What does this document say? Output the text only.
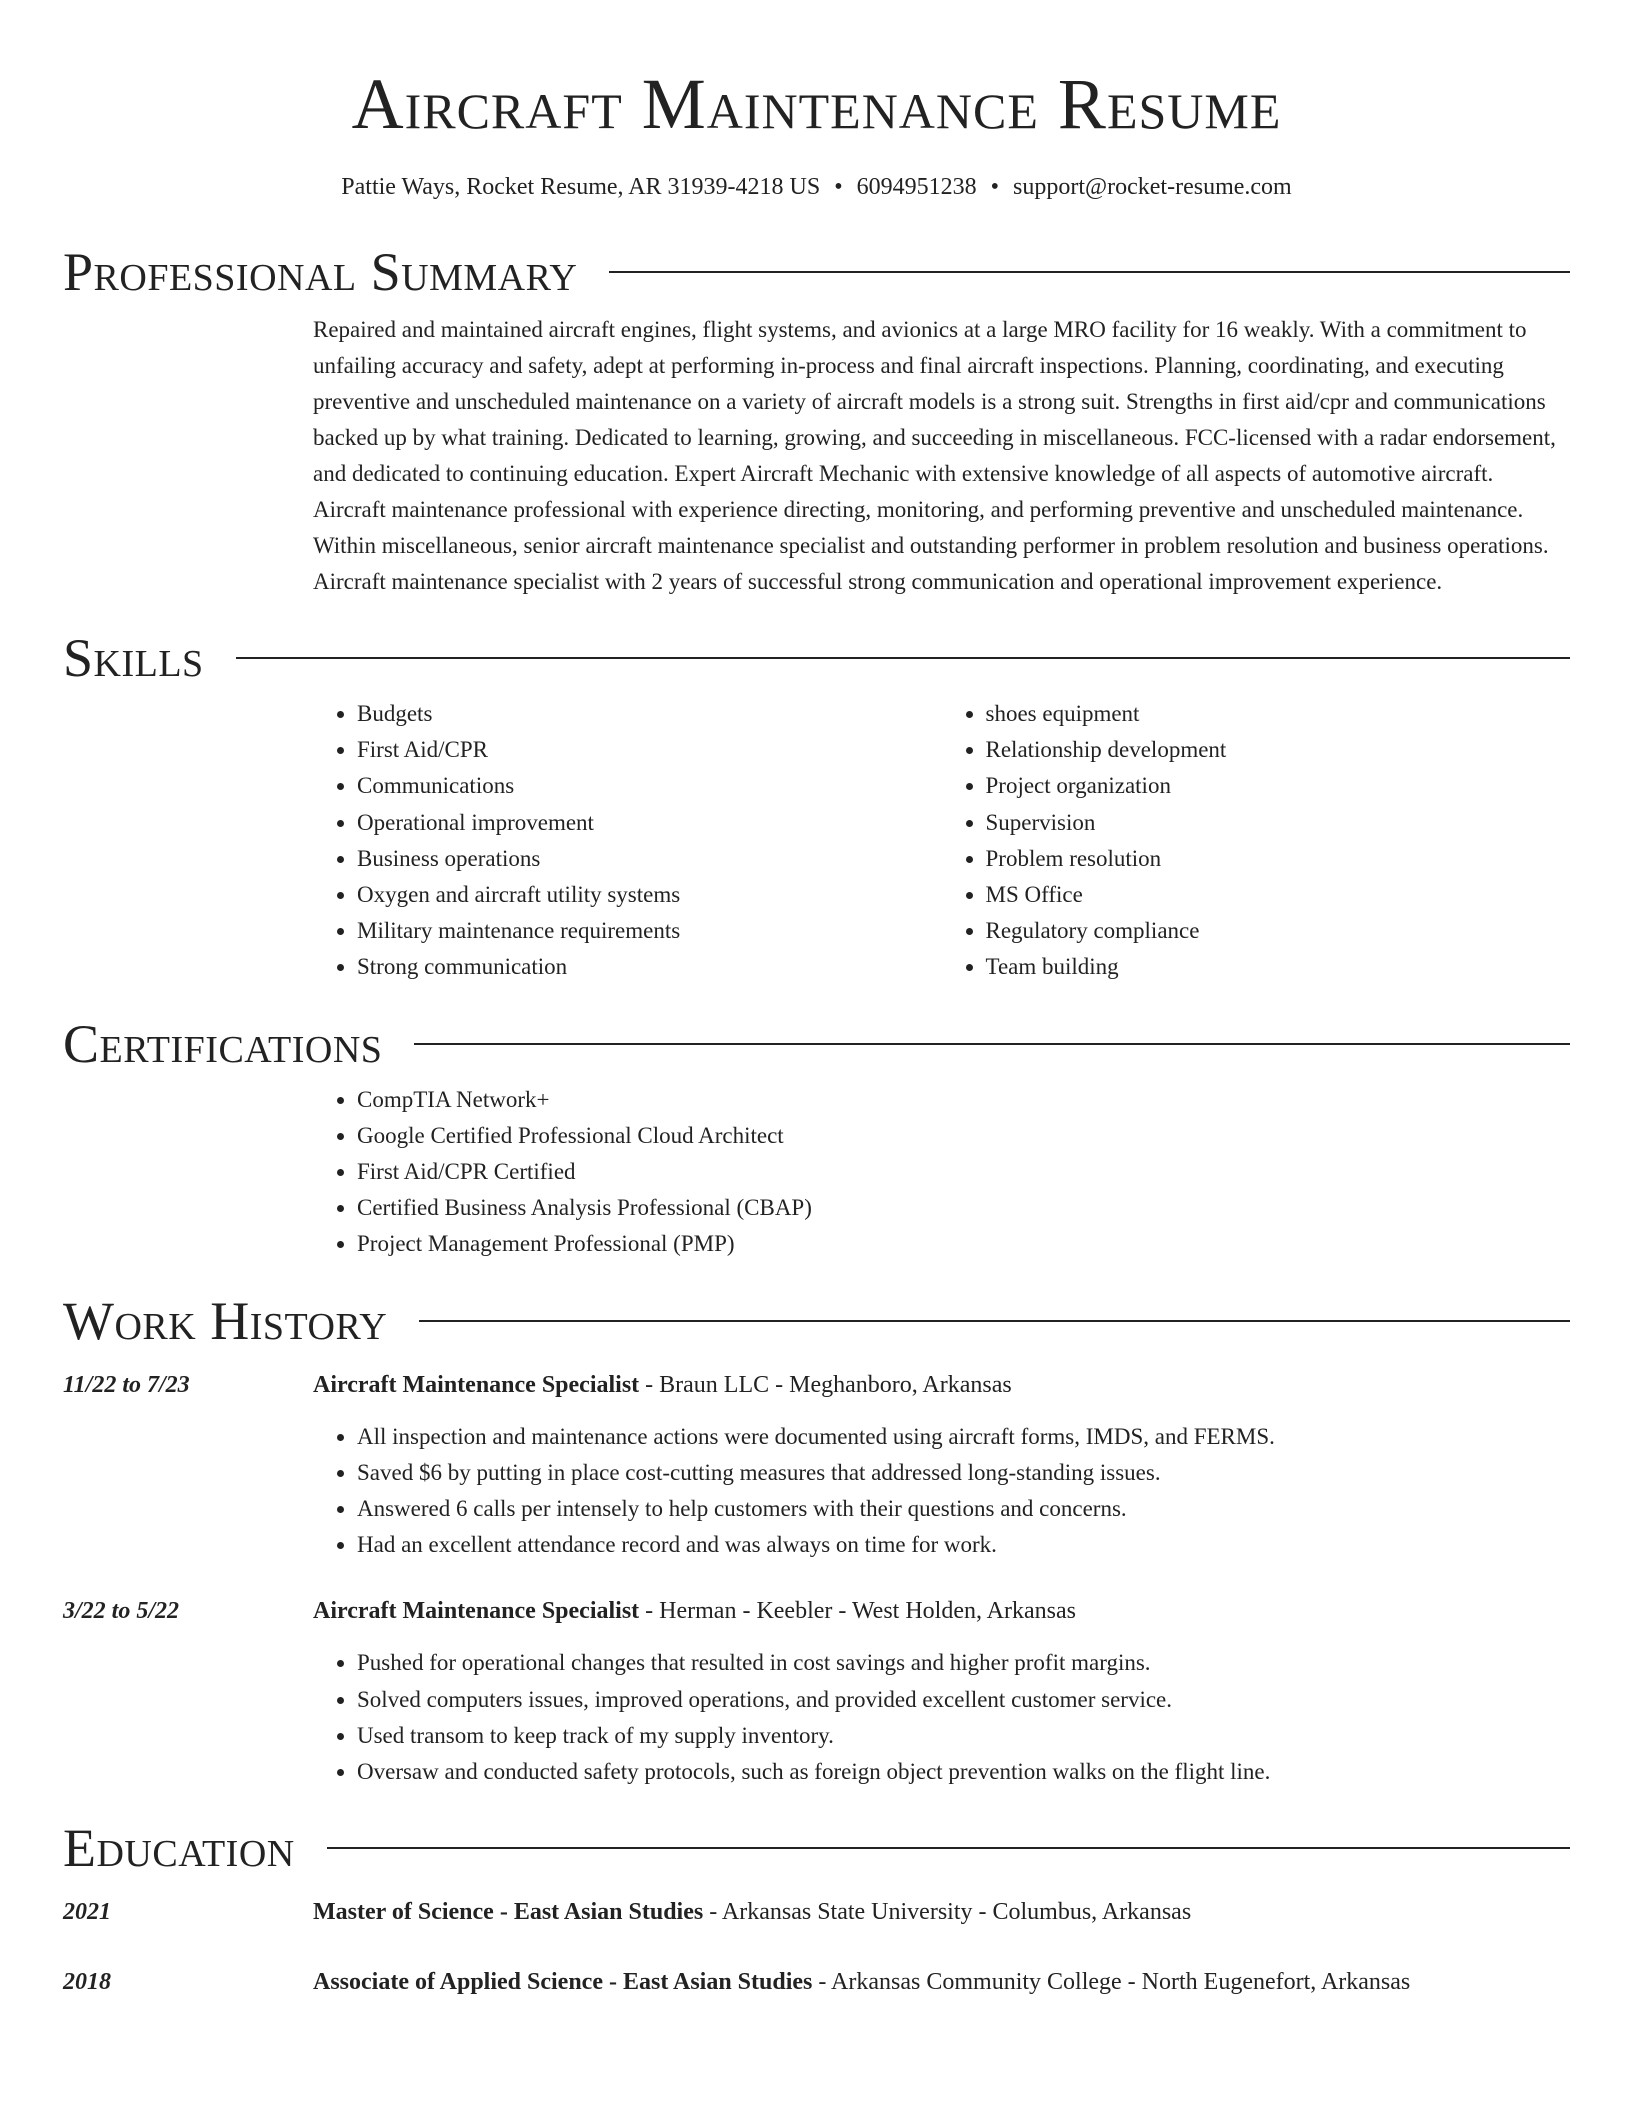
Aircraft Maintenance Resume
Pattie Ways, Rocket Resume, AR 31939-4218 US • 6094951238 • support@rocket-resume.com
Professional Summary

Repaired and maintained aircraft engines, flight systems, and avionics at a large MRO facility for 16 weakly. With a commitment to unfailing accuracy and safety, adept at performing in-process and final aircraft inspections. Planning, coordinating, and executing preventive and unscheduled maintenance on a variety of aircraft models is a strong suit. Strengths in first aid/cpr and communications backed up by what training. Dedicated to learning, growing, and succeeding in miscellaneous. FCC-licensed with a radar endorsement, and dedicated to continuing education. Expert Aircraft Mechanic with extensive knowledge of all aspects of automotive aircraft. Aircraft maintenance professional with experience directing, monitoring, and performing preventive and unscheduled maintenance. Within miscellaneous, senior aircraft maintenance specialist and outstanding performer in problem resolution and business operations. Aircraft maintenance specialist with 2 years of successful strong communication and operational improvement experience.

Skills
• Budgets
• First Aid/CPR
• Communications
• Operational improvement
• Business operations
• Oxygen and aircraft utility systems
• Military maintenance requirements
• Strong communication
• shoes equipment
• Relationship development
• Project organization
• Supervision
• Problem resolution
• MS Office
• Regulatory compliance
• Team building
Certifications
• CompTIA Network+
• Google Certified Professional Cloud Architect
• First Aid/CPR Certified
• Certified Business Analysis Professional (CBAP)
• Project Management Professional (PMP)
Work History
11/22 to 7/23	Aircraft Maintenance Specialist - Braun LLC - Meghanboro, Arkansas
• All inspection and maintenance actions were documented using aircraft forms, IMDS, and FERMS.
• Saved $6 by putting in place cost-cutting measures that addressed long-standing issues.
• Answered 6 calls per intensely to help customers with their questions and concerns.
• Had an excellent attendance record and was always on time for work.
3/22 to 5/22	Aircraft Maintenance Specialist - Herman - Keebler - West Holden, Arkansas
• Pushed for operational changes that resulted in cost savings and higher profit margins.
• Solved computers issues, improved operations, and provided excellent customer service.
• Used transom to keep track of my supply inventory.
• Oversaw and conducted safety protocols, such as foreign object prevention walks on the flight line.
Education
2021	Master of Science - East Asian Studies - Arkansas State University - Columbus, Arkansas
2018	Associate of Applied Science - East Asian Studies - Arkansas Community College - North Eugenefort, Arkansas
